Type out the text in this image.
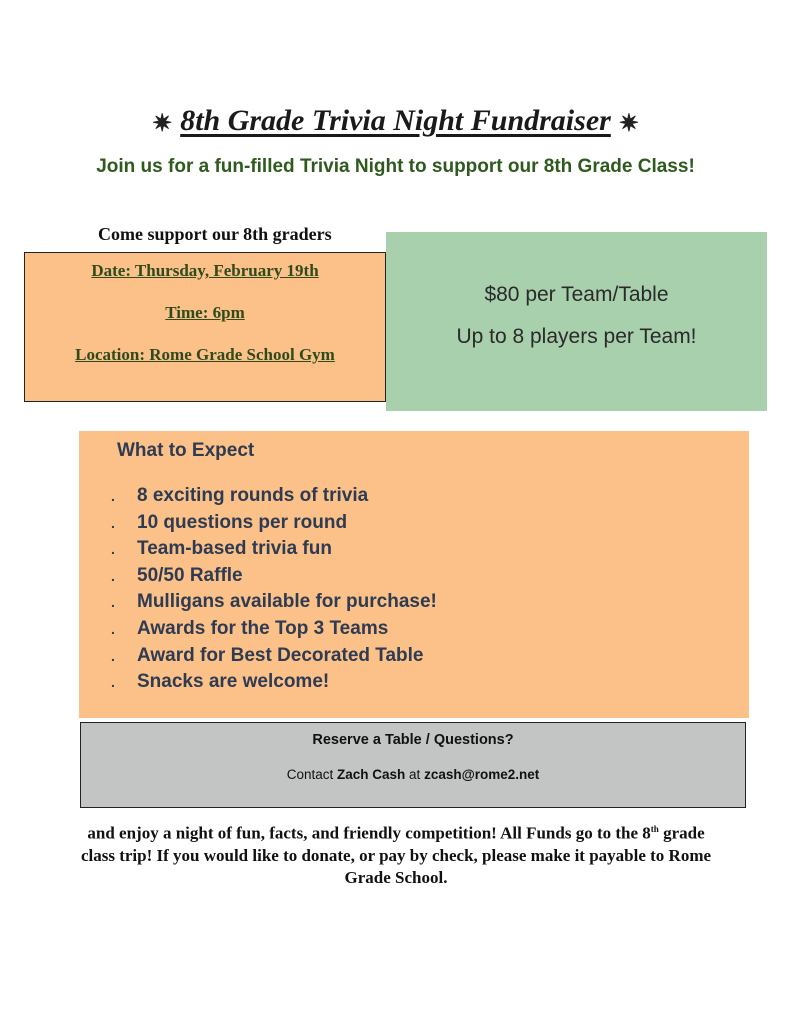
✷ 8th Grade Trivia Night Fundraiser ✷
Join us for a fun-filled Trivia Night to support our 8th Grade Class!
Come support our 8th graders
Date: Thursday, February 19th
Time: 6pm
Location: Rome Grade School Gym
$80 per Team/Table
Up to 8 players per Team!
What to Expect
. 8 exciting rounds of trivia
. 10 questions per round
. Team-based trivia fun
. 50/50 Raffle
. Mulligans available for purchase!
. Awards for the Top 3 Teams
. Award for Best Decorated Table
. Snacks are welcome!
Reserve a Table / Questions?
Contact Zach Cash at zcash@rome2.net
and enjoy a night of fun, facts, and friendly competition! All Funds go to the 8th grade class trip! If you would like to donate, or pay by check, please make it payable to Rome Grade School.
